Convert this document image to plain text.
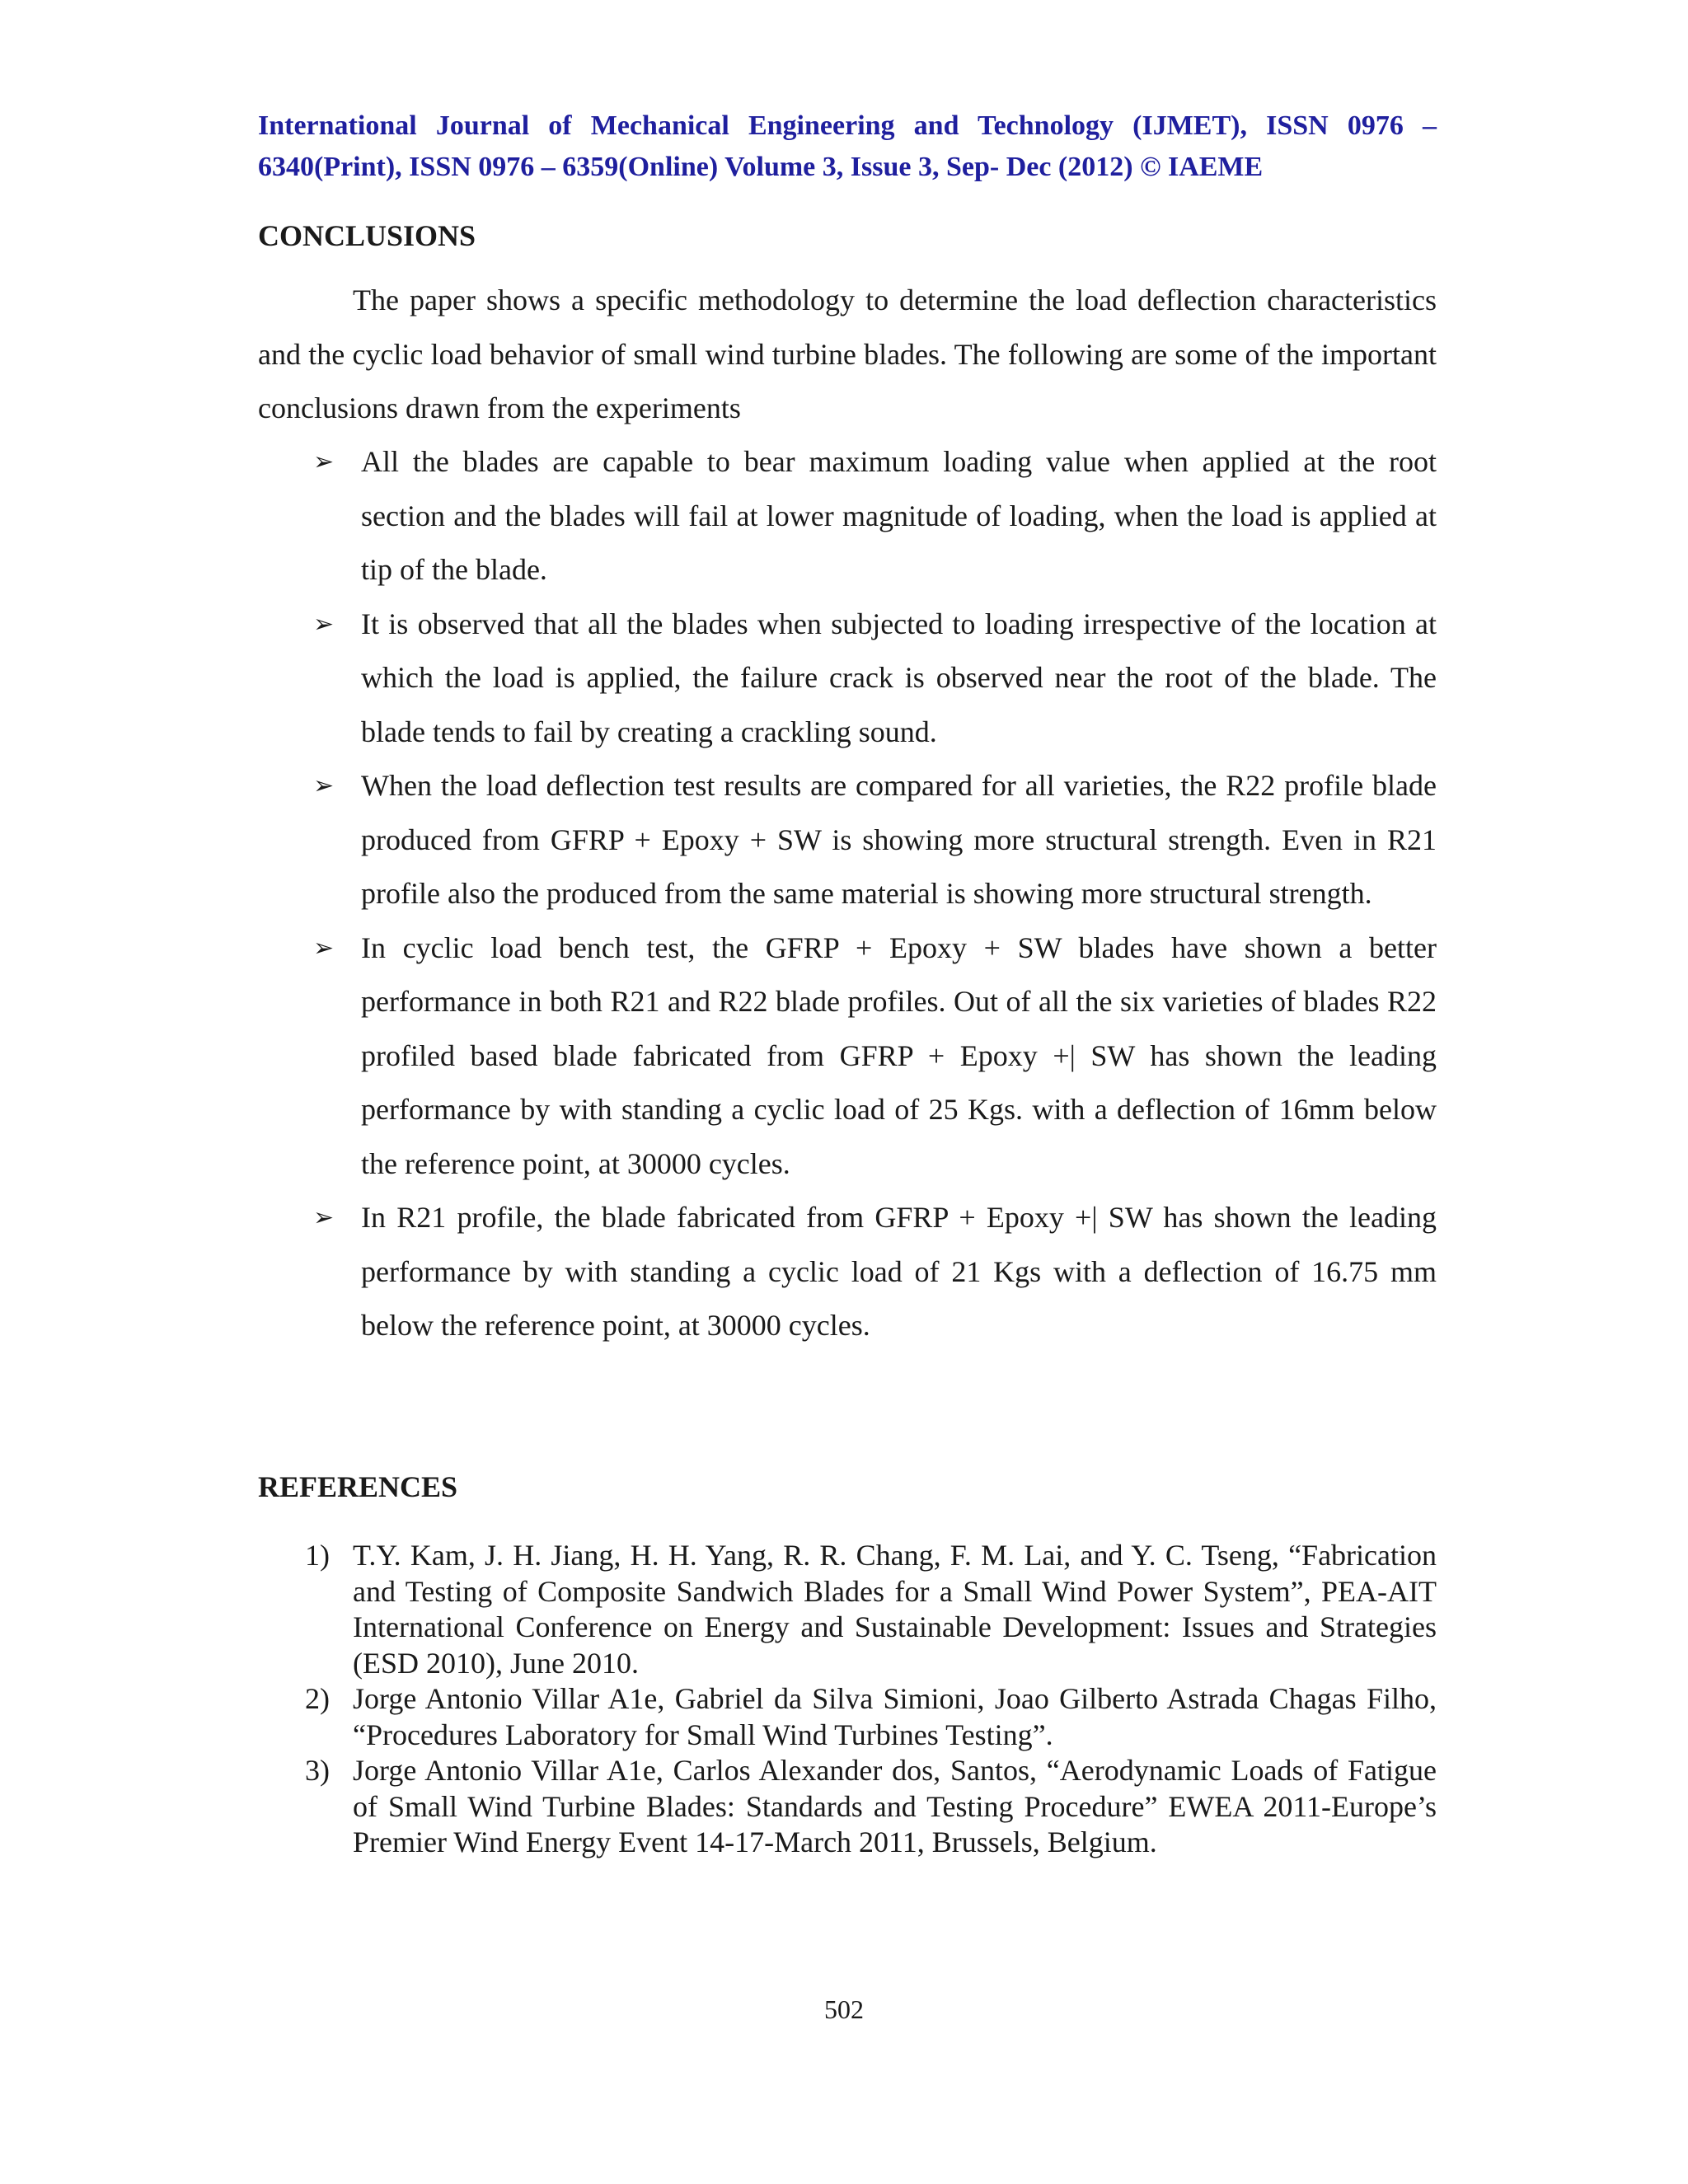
International Journal of Mechanical Engineering and Technology (IJMET), ISSN 0976 –
6340(Print), ISSN 0976 – 6359(Online) Volume 3, Issue 3, Sep- Dec (2012) © IAEME
CONCLUSIONS

The paper shows a specific methodology to determine the load deflection characteristics and the cyclic load behavior of small wind turbine blades. The following are some of the important conclusions drawn from the experiments

➢ All the blades are capable to bear maximum loading value when applied at the root section and the blades will fail at lower magnitude of loading, when the load is applied at tip of the blade.
➢ It is observed that all the blades when subjected to loading irrespective of the location at which the load is applied, the failure crack is observed near the root of the blade. The blade tends to fail by creating a crackling sound.
➢ When the load deflection test results are compared for all varieties, the R22 profile blade produced from GFRP + Epoxy + SW is showing more structural strength. Even in R21 profile also the produced from the same material is showing more structural strength.
➢ In cyclic load bench test, the GFRP + Epoxy + SW blades have shown a better performance in both R21 and R22 blade profiles. Out of all the six varieties of blades R22 profiled based blade fabricated from GFRP + Epoxy +| SW has shown the leading performance by with standing a cyclic load of 25 Kgs. with a deflection of 16mm below the reference point, at 30000 cycles.
➢ In R21 profile, the blade fabricated from GFRP + Epoxy +| SW has shown the leading performance by with standing a cyclic load of 21 Kgs with a deflection of 16.75 mm below the reference point, at 30000 cycles.
REFERENCES
1) T.Y. Kam, J. H. Jiang, H. H. Yang, R. R. Chang, F. M. Lai, and Y. C. Tseng, “Fabrication and Testing of Composite Sandwich Blades for a Small Wind Power System”, PEA-AIT International Conference on Energy and Sustainable Development: Issues and Strategies (ESD 2010), June 2010.
2) Jorge Antonio Villar A1e, Gabriel da Silva Simioni, Joao Gilberto Astrada Chagas Filho, “Procedures Laboratory for Small Wind Turbines Testing”.
3) Jorge Antonio Villar A1e, Carlos Alexander dos, Santos, “Aerodynamic Loads of Fatigue of Small Wind Turbine Blades: Standards and Testing Procedure” EWEA 2011-Europe’s Premier Wind Energy Event 14-17-March 2011, Brussels, Belgium.
502
